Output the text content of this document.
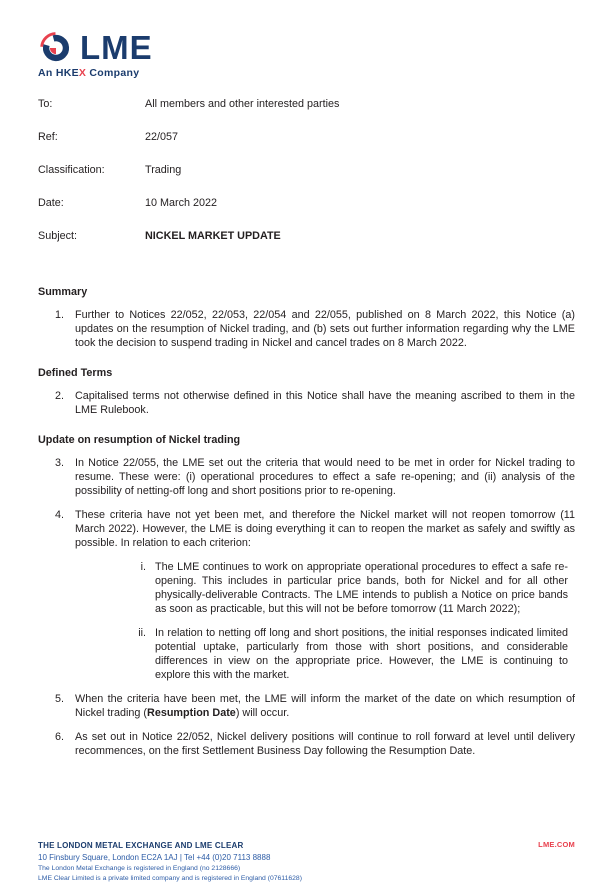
LME
An HKEX Company
To:	All members and other interested parties
Ref:	22/057
Classification:	Trading
Date:	10 March 2022
Subject:	NICKEL MARKET UPDATE
Summary
1.	Further to Notices 22/052, 22/053, 22/054 and 22/055, published on 8 March 2022, this Notice (a) updates on the resumption of Nickel trading, and (b) sets out further information regarding why the LME took the decision to suspend trading in Nickel and cancel trades on 8 March 2022.
Defined Terms
2.	Capitalised terms not otherwise defined in this Notice shall have the meaning ascribed to them in the LME Rulebook.
Update on resumption of Nickel trading
3.	In Notice 22/055, the LME set out the criteria that would need to be met in order for Nickel trading to resume. These were: (i) operational procedures to effect a safe re-opening; and (ii) analysis of the possibility of netting-off long and short positions prior to re-opening.
4.	These criteria have not yet been met, and therefore the Nickel market will not reopen tomorrow (11 March 2022). However, the LME is doing everything it can to reopen the market as safely and swiftly as possible. In relation to each criterion:
i. The LME continues to work on appropriate operational procedures to effect a safe re-opening. This includes in particular price bands, both for Nickel and for all other physically-deliverable Contracts. The LME intends to publish a Notice on price bands as soon as practicable, but this will not be before tomorrow (11 March 2022);
ii. In relation to netting off long and short positions, the initial responses indicated limited potential uptake, particularly from those with short positions, and considerable differences in view on the appropriate price. However, the LME is continuing to explore this with the market.
5.	When the criteria have been met, the LME will inform the market of the date on which resumption of Nickel trading (Resumption Date) will occur.
6.	As set out in Notice 22/052, Nickel delivery positions will continue to roll forward at level until delivery recommences, on the first Settlement Business Day following the Resumption Date.
THE LONDON METAL EXCHANGE AND LME CLEAR
10 Finsbury Square, London EC2A 1AJ | Tel +44 (0)20 7113 8888
The London Metal Exchange is registered in England (no 2128666)
LME Clear Limited is a private limited company and is registered in England (07611628)
LME.COM
